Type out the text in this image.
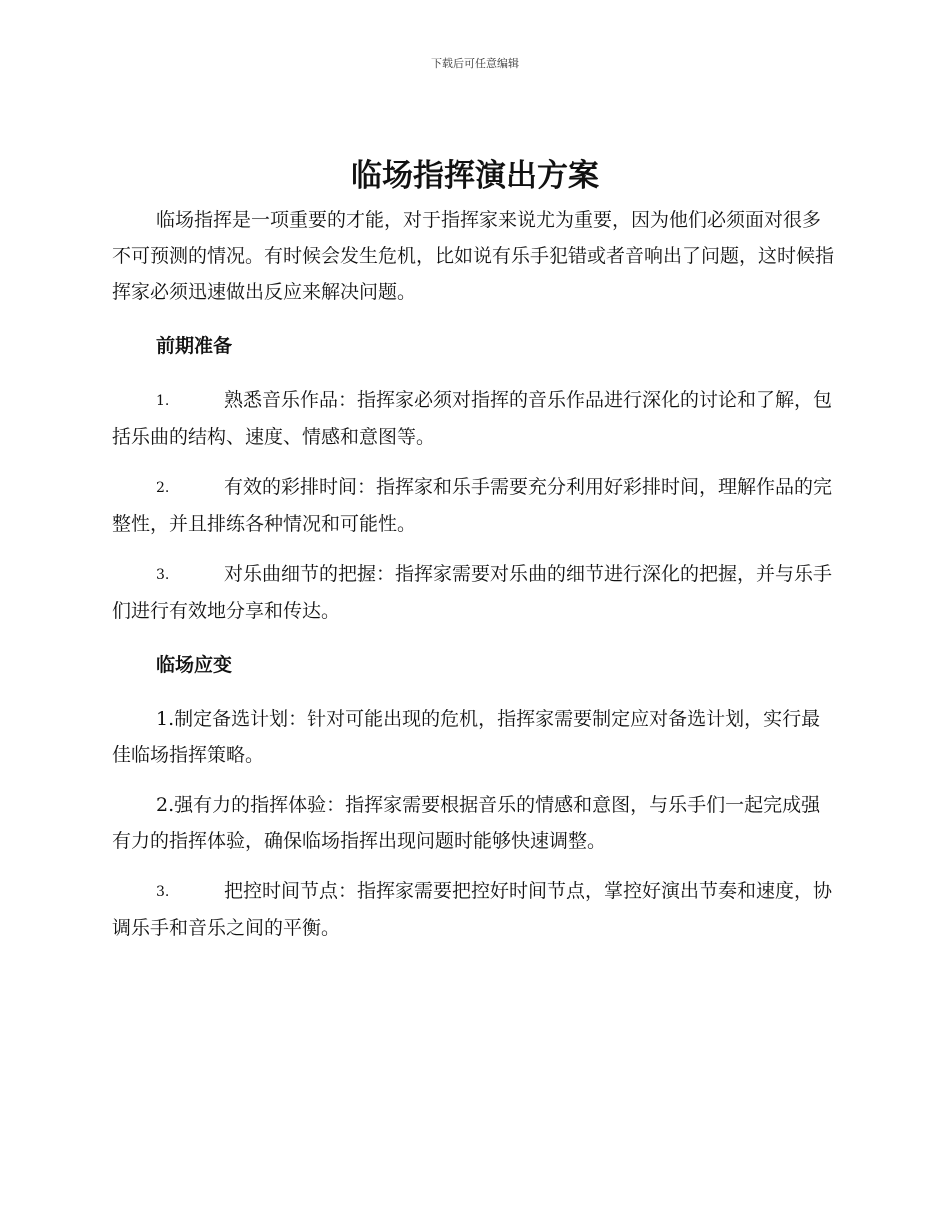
下载后可任意编辑
临场指挥演出方案

临场指挥是一项重要的才能，对于指挥家来说尤为重要，因为他们必须面对很多不可预测的情况。有时候会发生危机，比如说有乐手犯错或者音响出了问题，这时候指挥家必须迅速做出反应来解决问题。

前期准备

1.	熟悉音乐作品：指挥家必须对指挥的音乐作品进行深化的讨论和了解，包括乐曲的结构、速度、情感和意图等。

2.	有效的彩排时间：指挥家和乐手需要充分利用好彩排时间，理解作品的完整性，并且排练各种情况和可能性。

3.	对乐曲细节的把握：指挥家需要对乐曲的细节进行深化的把握，并与乐手们进行有效地分享和传达。

临场应变

1.制定备选计划：针对可能出现的危机，指挥家需要制定应对备选计划，实行最佳临场指挥策略。

2.强有力的指挥体验：指挥家需要根据音乐的情感和意图，与乐手们一起完成强有力的指挥体验，确保临场指挥出现问题时能够快速调整。

3.	把控时间节点：指挥家需要把控好时间节点，掌控好演出节奏和速度，协调乐手和音乐之间的平衡。
